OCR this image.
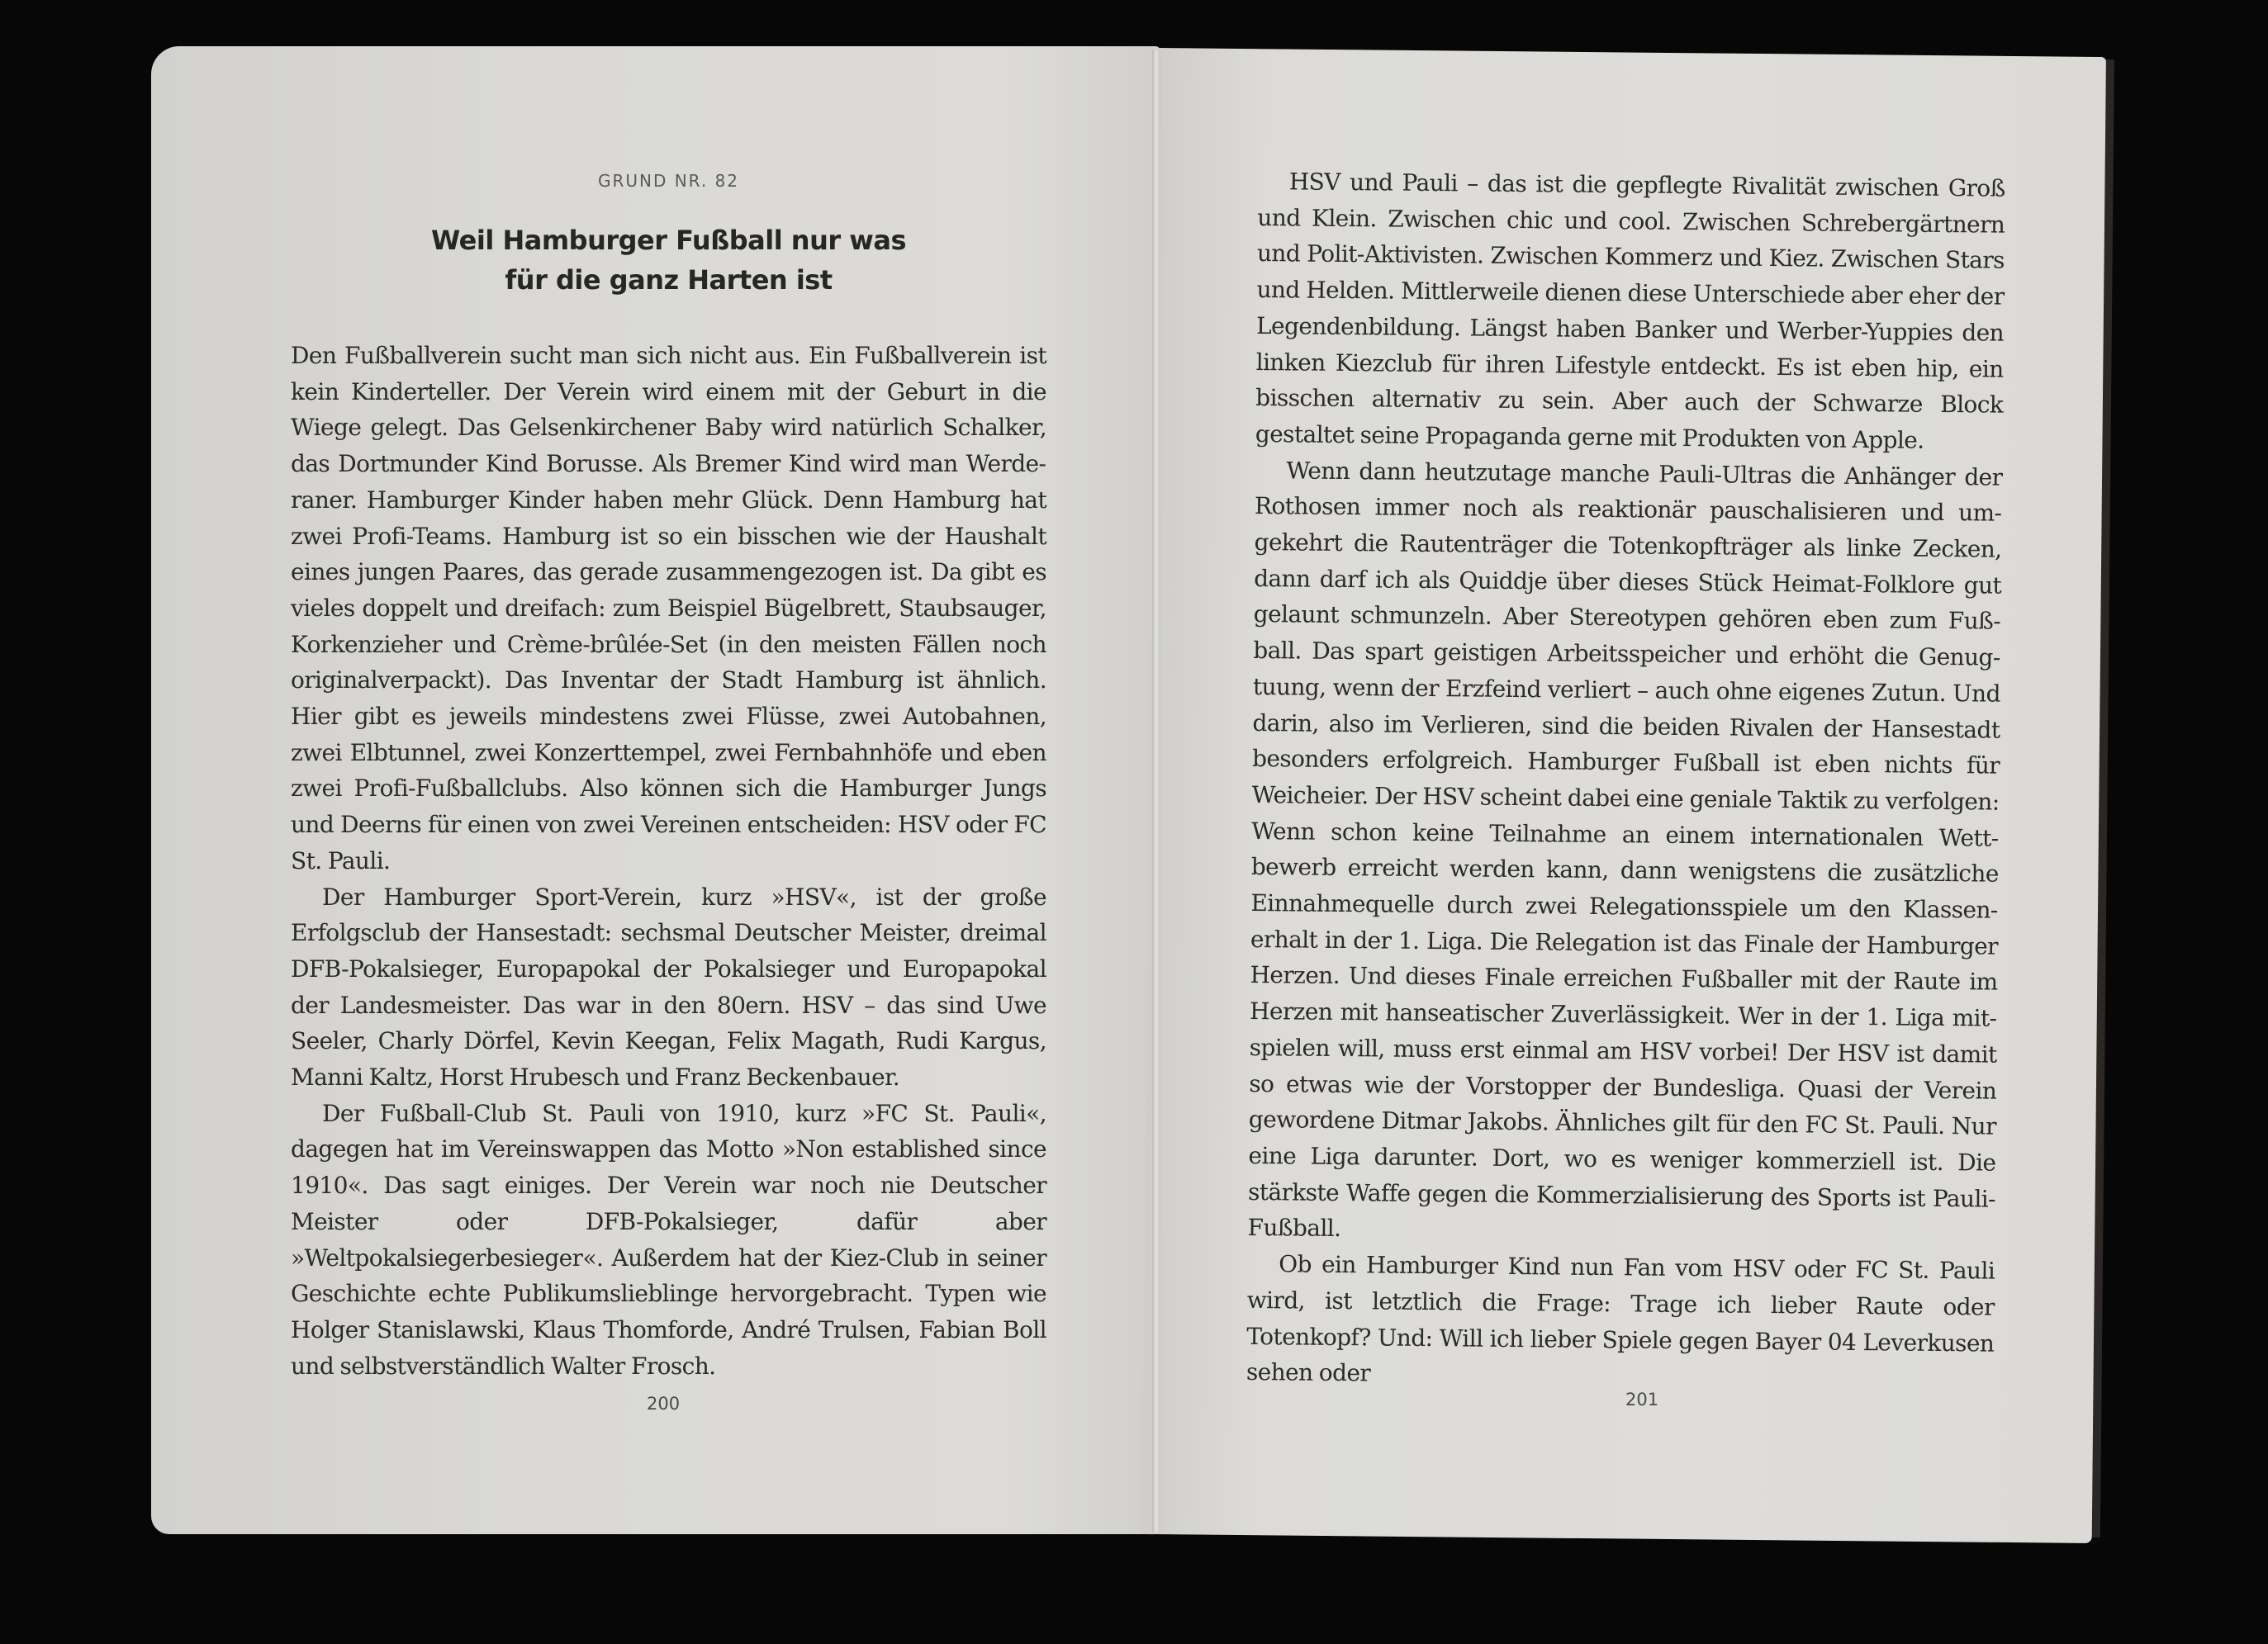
GRUND NR. 82
Weil Hamburger Fußball nur was
für die ganz Harten ist

Den Fußballverein sucht man sich nicht aus. Ein Fußballverein ist kein Kinderteller. Der Verein wird einem mit der Geburt in die Wiege gelegt. Das Gelsenkirchener Baby wird natürlich Schalker, das Dortmunder Kind Borusse. Als Bremer Kind wird man Werderaner. Hamburger Kinder haben mehr Glück. Denn Hamburg hat zwei Profi-Teams. Hamburg ist so ein bisschen wie der Haushalt eines jungen Paares, das gerade zusammengezogen ist. Da gibt es vieles doppelt und dreifach: zum Beispiel Bügelbrett, Staubsauger, Korkenzieher und Crème-brûlée-Set (in den meisten Fällen noch originalverpackt). Das Inventar der Stadt Hamburg ist ähnlich. Hier gibt es jeweils mindestens zwei Flüsse, zwei Autobahnen, zwei Elbtunnel, zwei Konzerttempel, zwei Fernbahnhöfe und eben zwei Profi-Fußballclubs. Also können sich die Hamburger Jungs und Deerns für einen von zwei Vereinen entscheiden: HSV oder FC St. Pauli.

Der Hamburger Sport-Verein, kurz »HSV«, ist der große Erfolgsclub der Hansestadt: sechsmal Deutscher Meister, dreimal DFB-Pokalsieger, Europapokal der Pokalsieger und Europapokal der Landesmeister. Das war in den 80ern. HSV – das sind Uwe Seeler, Charly Dörfel, Kevin Keegan, Felix Magath, Rudi Kargus, Manni Kaltz, Horst Hrubesch und Franz Beckenbauer.

Der Fußball-Club St. Pauli von 1910, kurz »FC St. Pauli«, dagegen hat im Vereinswappen das Motto »Non established since 1910«. Das sagt einiges. Der Verein war noch nie Deutscher Meister oder DFB-Pokalsieger, dafür aber »Weltpokalsiegerbesieger«. Außerdem hat der Kiez-Club in seiner Geschichte echte Publikumslieblinge hervorgebracht. Typen wie Holger Stanislawski, Klaus Thomforde, André Trulsen, Fabian Boll und selbstverständlich Walter Frosch.

HSV und Pauli – das ist die gepflegte Rivalität zwischen Groß und Klein. Zwischen chic und cool. Zwischen Schrebergärtnern und Polit-Aktivisten. Zwischen Kommerz und Kiez. Zwischen Stars und Helden. Mittlerweile dienen diese Unterschiede aber eher der Legendenbildung. Längst haben Banker und Werber-Yuppies den linken Kiezclub für ihren Lifestyle entdeckt. Es ist eben hip, ein bisschen alternativ zu sein. Aber auch der Schwarze Block gestaltet seine Propaganda gerne mit Produkten von Apple.

Wenn dann heutzutage manche Pauli-Ultras die Anhänger der Rothosen immer noch als reaktionär pauschalisieren und umgekehrt die Rautenträger die Totenkopfträger als linke Zecken, dann darf ich als Quiddje über dieses Stück Heimat-Folklore gut gelaunt schmunzeln. Aber Stereotypen gehören eben zum Fußball. Das spart geistigen Arbeitsspeicher und erhöht die Genugtuung, wenn der Erzfeind verliert – auch ohne eigenes Zutun. Und darin, also im Verlieren, sind die beiden Rivalen der Hansestadt besonders erfolgreich. Hamburger Fußball ist eben nichts für Weicheier. Der HSV scheint dabei eine geniale Taktik zu verfolgen: Wenn schon keine Teilnahme an einem internationalen Wettbewerb erreicht werden kann, dann wenigstens die zusätzliche Einnahmequelle durch zwei Relegationsspiele um den Klassenerhalt in der 1. Liga. Die Relegation ist das Finale der Hamburger Herzen. Und dieses Finale erreichen Fußballer mit der Raute im Herzen mit hanseatischer Zuverlässigkeit. Wer in der 1. Liga mitspielen will, muss erst einmal am HSV vorbei! Der HSV ist damit so etwas wie der Vorstopper der Bundesliga. Quasi der Verein gewordene Ditmar Jakobs. Ähnliches gilt für den FC St. Pauli. Nur eine Liga darunter. Dort, wo es weniger kommerziell ist. Die stärkste Waffe gegen die Kommerzialisierung des Sports ist Pauli-Fußball.

Ob ein Hamburger Kind nun Fan vom HSV oder FC St. Pauli wird, ist letztlich die Frage: Trage ich lieber Raute oder Totenkopf? Und: Will ich lieber Spiele gegen Bayer 04 Leverkusen sehen oder

200	201
